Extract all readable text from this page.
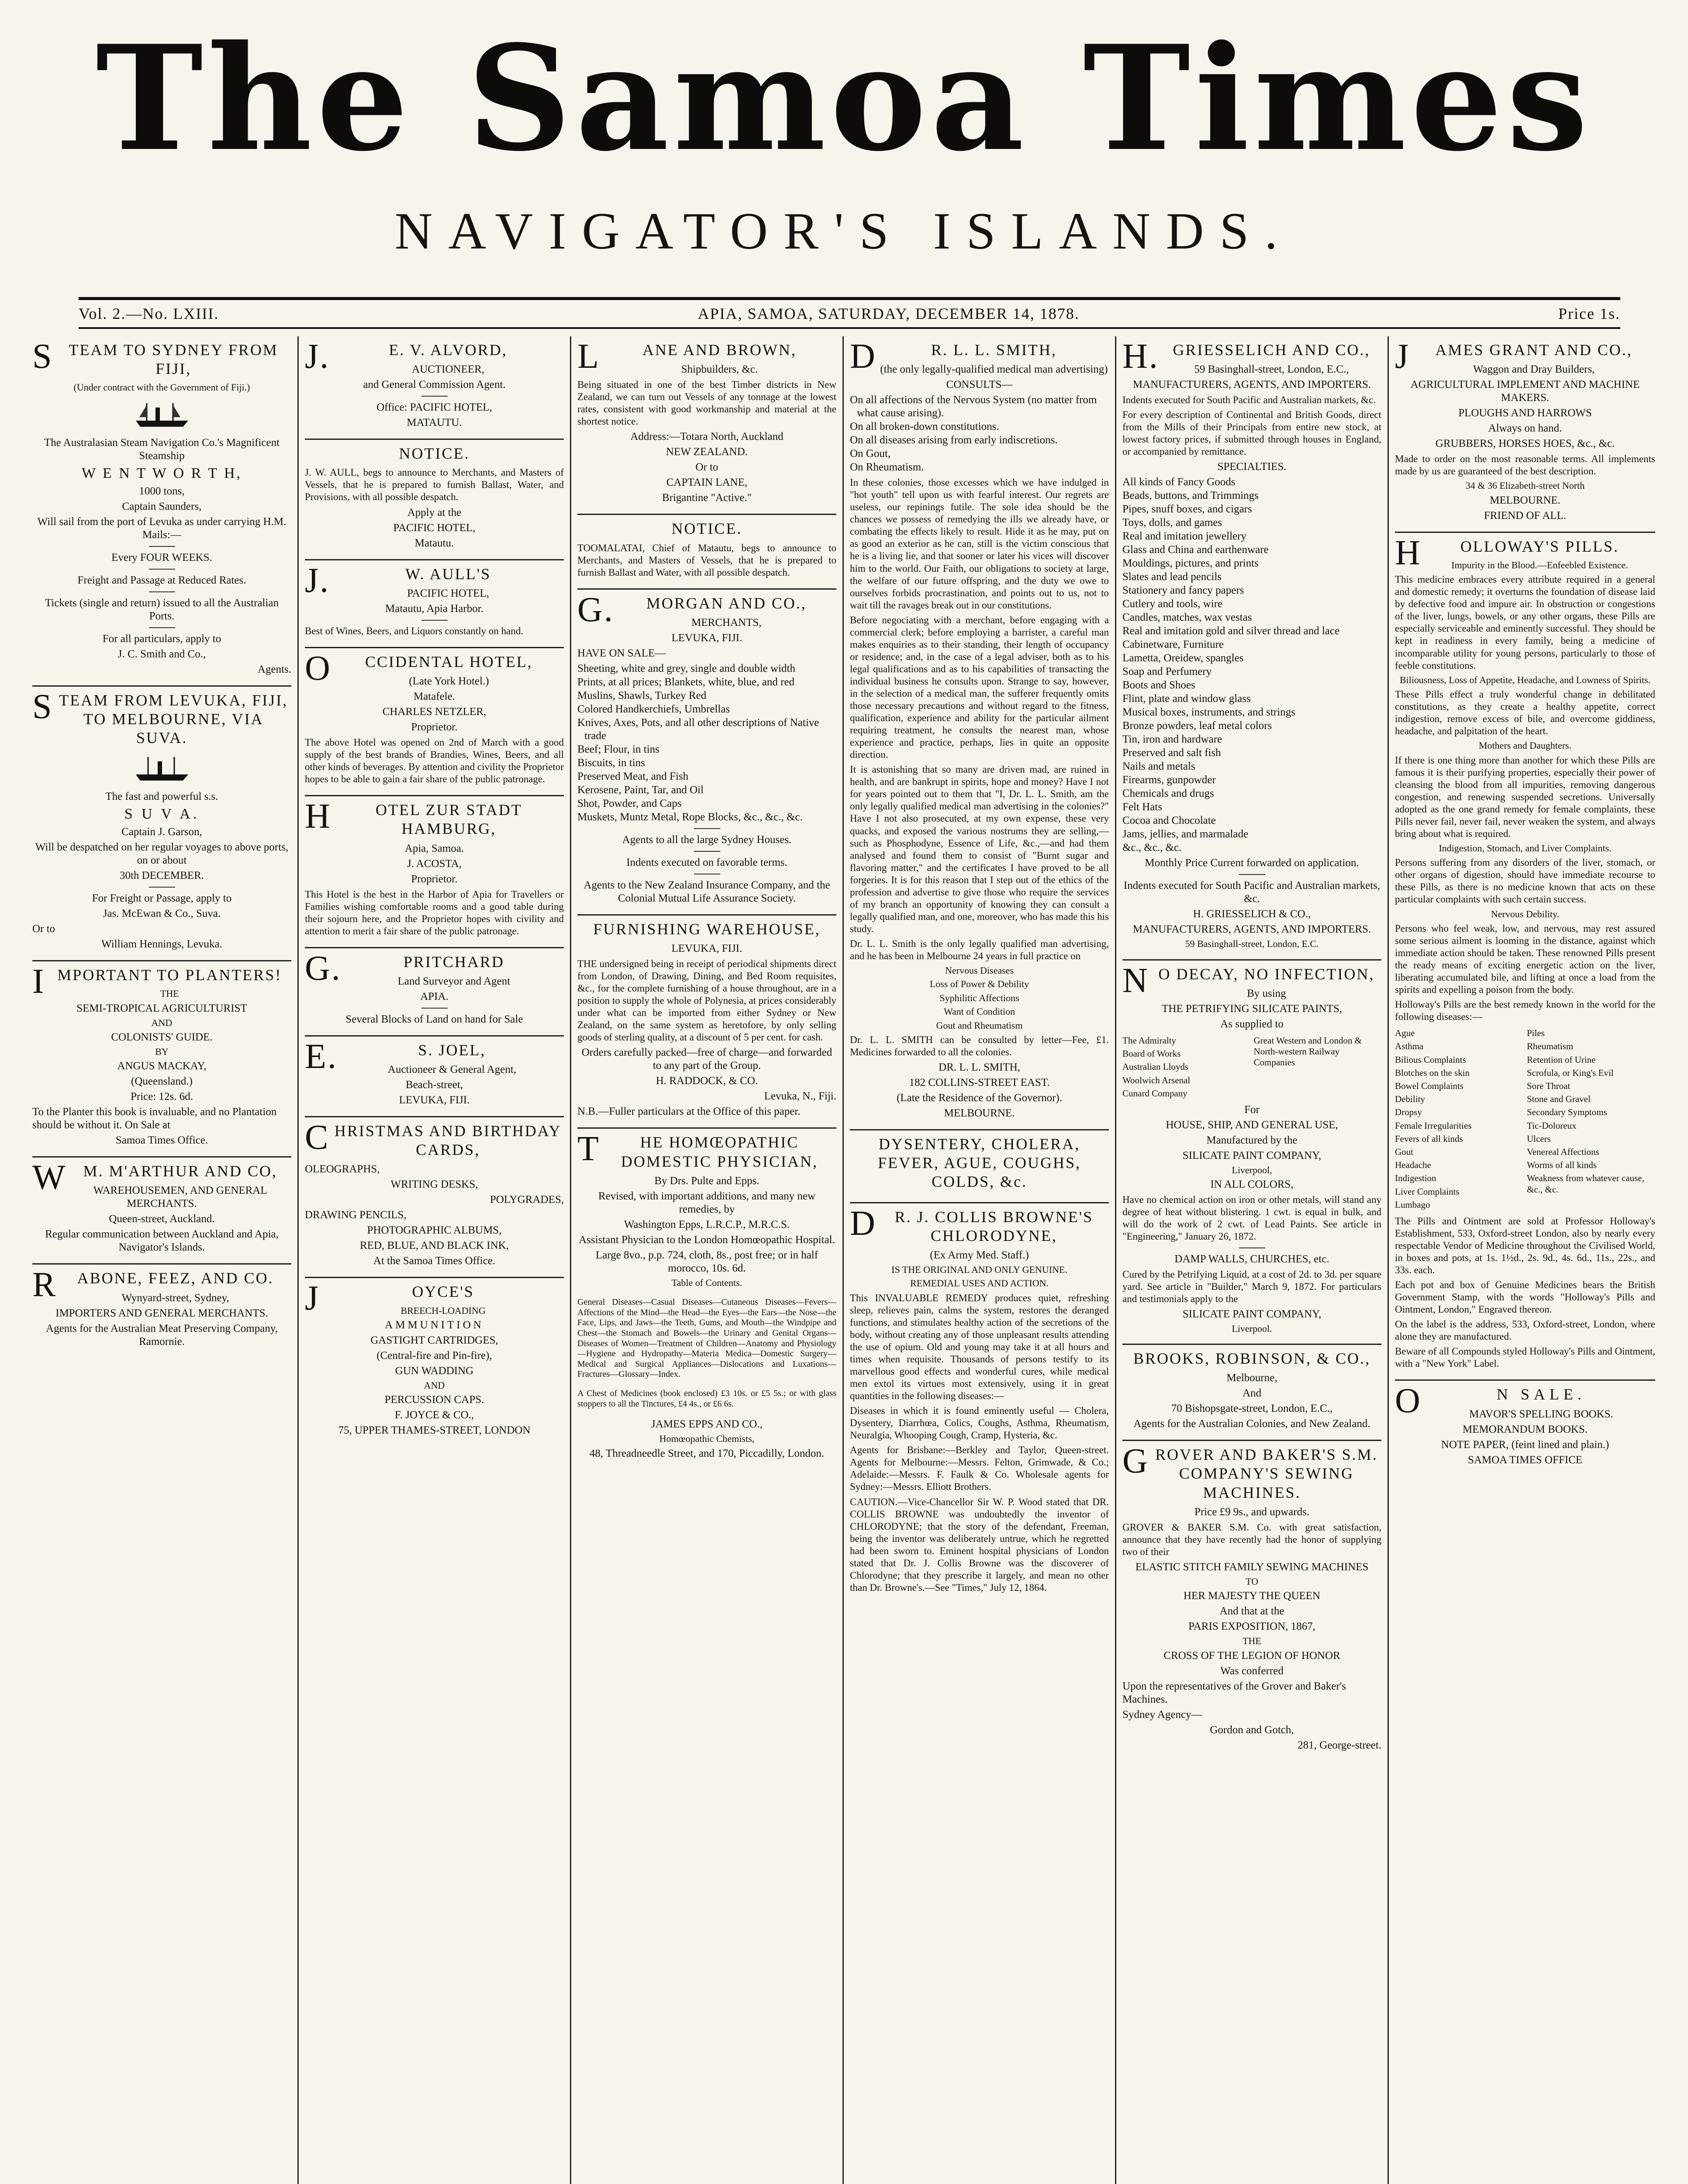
The Samoa Times
NAVIGATOR'S ISLANDS.
Vol. 2.—No. LXIII.	APIA, SAMOA, SATURDAY, DECEMBER 14, 1878.	Price 1s.
STEAM TO SYDNEY FROM FIJI,
(Under contract with the Government of Fiji.)
The Australasian Steam Navigation Co.'s Magnificent Steamship
W E N T W O R T H,
1000 tons,
Captain Saunders,
Will sail from the port of Levuka as under carrying H.M. Mails:—
Every FOUR WEEKS.
Freight and Passage at Reduced Rates.
Tickets (single and return) issued to all the Australian Ports.
For all particulars, apply to
J. C. Smith and Co.,
Agents.
STEAM FROM LEVUKA, FIJI, TO MELBOURNE, VIA SUVA.
The fast and powerful s.s.
S U V A.
Captain J. Garson,
Will be despatched on her regular voyages to above ports, on or about
30th DECEMBER.
For Freight or Passage, apply to
Jas. McEwan & Co., Suva.
Or to
William Hennings, Levuka.
IMPORTANT TO PLANTERS!
THE
SEMI-TROPICAL AGRICULTURIST
AND
COLONISTS' GUIDE.
BY
ANGUS MACKAY,
(Queensland.)
Price: 12s. 6d.
To the Planter this book is invaluable, and no Plantation should be without it. On Sale at
Samoa Times Office.
WM. M'ARTHUR AND CO,
WAREHOUSEMEN, AND GENERAL MERCHANTS.
Queen-street, Auckland.
Regular communication between Auckland and Apia, Navigator's Islands.
RABONE, FEEZ, AND CO.
Wynyard-street, Sydney,
IMPORTERS AND GENERAL MERCHANTS.
Agents for the Australian Meat Preserving Company, Ramornie.
J.E. V. ALVORD,
AUCTIONEER,
and General Commission Agent.
Office: PACIFIC HOTEL,
MATAUTU.
NOTICE.

J. W. AULL, begs to announce to Merchants, and Masters of Vessels, that he is prepared to furnish Ballast, Water, and Provisions, with all possible despatch.

Apply at the
PACIFIC HOTEL,
Matautu.
J.W. AULL'S
PACIFIC HOTEL,
Matautu, Apia Harbor.

Best of Wines, Beers, and Liquors constantly on hand.

OCCIDENTAL HOTEL,
(Late York Hotel.)
Matafele.
CHARLES NETZLER,
Proprietor.

The above Hotel was opened on 2nd of March with a good supply of the best brands of Brandies, Wines, Beers, and all other kinds of beverages. By attention and civility the Proprietor hopes to be able to gain a fair share of the public patronage.

HOTEL ZUR STADT HAMBURG,
Apia, Samoa.
J. ACOSTA,
Proprietor.

This Hotel is the best in the Harbor of Apia for Travellers or Families wishing comfortable rooms and a good table during their sojourn here, and the Proprietor hopes with civility and attention to merit a fair share of the public patronage.

G.PRITCHARD
Land Surveyor and Agent
APIA.
Several Blocks of Land on hand for Sale
E.S. JOEL,
Auctioneer & General Agent,
Beach-street,
LEVUKA, FIJI.
CHRISTMAS AND BIRTHDAY CARDS,
OLEOGRAPHS,
WRITING DESKS,
POLYGRADES,
DRAWING PENCILS,
PHOTOGRAPHIC ALBUMS,
RED, BLUE, AND BLACK INK,
At the Samoa Times Office.
JOYCE'S
BREECH-LOADING
AMMUNITION
GASTIGHT CARTRIDGES,
(Central-fire and Pin-fire),
GUN WADDING
AND
PERCUSSION CAPS.
F. JOYCE & CO.,
75, UPPER THAMES-STREET, LONDON
LANE AND BROWN,
Shipbuilders, &c.

Being situated in one of the best Timber districts in New Zealand, we can turn out Vessels of any tonnage at the lowest rates, consistent with good workmanship and material at the shortest notice.

Address:—Totara North, Auckland
NEW ZEALAND.
Or to
CAPTAIN LANE,
Brigantine "Active."
NOTICE.

TOOMALATAI, Chief of Matautu, begs to announce to Merchants, and Masters of Vessels, that he is prepared to furnish Ballast and Water, with all possible despatch.

G.MORGAN AND CO.,
MERCHANTS,
LEVUKA, FIJI.
HAVE ON SALE—
Sheeting, white and grey, single and double width
Prints, at all prices; Blankets, white, blue, and red
Muslins, Shawls, Turkey Red
Colored Handkerchiefs, Umbrellas
Knives, Axes, Pots, and all other descriptions of Native trade
Beef; Flour, in tins
Biscuits, in tins
Preserved Meat, and Fish
Kerosene, Paint, Tar, and Oil
Shot, Powder, and Caps
Muskets, Muntz Metal, Rope Blocks, &c., &c., &c.
Agents to all the large Sydney Houses.
Indents executed on favorable terms.
Agents to the New Zealand Insurance Company, and the Colonial Mutual Life Assurance Society.
FURNISHING WAREHOUSE,
LEVUKA, FIJI.

THE undersigned being in receipt of periodical shipments direct from London, of Drawing, Dining, and Bed Room requisites, &c., for the complete furnishing of a house throughout, are in a position to supply the whole of Polynesia, at prices considerably under what can be imported from either Sydney or New Zealand, on the same system as heretofore, by only selling goods of sterling quality, at a discount of 5 per cent. for cash.

Orders carefully packed—free of charge—and forwarded to any part of the Group.
H. RADDOCK, & CO.
Levuka, N., Fiji.
N.B.—Fuller particulars at the Office of this paper.
THE HOMŒOPATHIC DOMESTIC PHYSICIAN,
By Drs. Pulte and Epps.
Revised, with important additions, and many new remedies, by
Washington Epps, L.R.C.P., M.R.C.S.
Assistant Physician to the London Homœopathic Hospital.
Large 8vo., p.p. 724, cloth, 8s., post free; or in half morocco, 10s. 6d.
Table of Contents.

General Diseases—Casual Diseases—Cutaneous Diseases—Fevers—Affections of the Mind—the Head—the Eyes—the Ears—the Nose—the Face, Lips, and Jaws—the Teeth, Gums, and Mouth—the Windpipe and Chest—the Stomach and Bowels—the Urinary and Genital Organs—Diseases of Women—Treatment of Children—Anatomy and Physiology—Hygiene and Hydropathy—Materia Medica—Domestic Surgery—Medical and Surgical Appliances—Dislocations and Luxations—Fractures—Glossary—Index.

A Chest of Medicines (book enclosed) £3 10s. or £5 5s.; or with glass stoppers to all the Tinctures, £4 4s., or £6 6s.

JAMES EPPS AND CO.,
Homœopathic Chemists,
48, Threadneedle Street, and 170, Piccadilly, London.
DR. L. L. SMITH,
(the only legally-qualified medical man advertising)
CONSULTS—
On all affections of the Nervous System (no matter from what cause arising).
On all broken-down constitutions.
On all diseases arising from early indiscretions.
On Gout,
On Rheumatism.

In these colonies, those excesses which we have indulged in "hot youth" tell upon us with fearful interest. Our regrets are useless, our repinings futile. The sole idea should be the chances we possess of remedying the ills we already have, or combating the effects likely to result. Hide it as he may, put on as good an exterior as he can, still is the victim conscious that he is a living lie, and that sooner or later his vices will discover him to the world. Our Faith, our obligations to society at large, the welfare of our future offspring, and the duty we owe to ourselves forbids procrastination, and points out to us, not to wait till the ravages break out in our constitutions.

Before negociating with a merchant, before engaging with a commercial clerk; before employing a barrister, a careful man makes enquiries as to their standing, their length of occupancy or residence; and, in the case of a legal adviser, both as to his legal qualifications and as to his capabilities of transacting the individual business he consults upon. Strange to say, however, in the selection of a medical man, the sufferer frequently omits those necessary precautions and without regard to the fitness, qualification, experience and ability for the particular ailment requiring treatment, he consults the nearest man, whose experience and practice, perhaps, lies in quite an opposite direction.

It is astonishing that so many are driven mad, are ruined in health, and are bankrupt in spirits, hope and money? Have I not for years pointed out to them that "I, Dr. L. L. Smith, am the only legally qualified medical man advertising in the colonies?" Have I not also prosecuted, at my own expense, these very quacks, and exposed the various nostrums they are selling,—such as Phosphodyne, Essence of Life, &c.,—and had them analysed and found them to consist of "Burnt sugar and flavoring matter," and the certificates I have proved to be all forgeries. It is for this reason that I step out of the ethics of the profession and advertise to give those who require the services of my branch an opportunity of knowing they can consult a legally qualified man, and one, moreover, who has made this his study.

Dr. L. L. Smith is the only legally qualified man advertising, and he has been in Melbourne 24 years in full practice on

Nervous Diseases
Loss of Power & Debility
Syphilitic Affections
Want of Condition
Gout and Rheumatism

Dr. L. L. SMITH can be consulted by letter—Fee, £1. Medicines forwarded to all the colonies.

DR. L. L. SMITH,
182 COLLINS-STREET EAST.
(Late the Residence of the Governor).
MELBOURNE.
DYSENTERY, CHOLERA, FEVER, AGUE, COUGHS, COLDS, &c.
DR. J. COLLIS BROWNE'S CHLORODYNE,
(Ex Army Med. Staff.)
IS THE ORIGINAL AND ONLY GENUINE.
REMEDIAL USES AND ACTION.

This INVALUABLE REMEDY produces quiet, refreshing sleep, relieves pain, calms the system, restores the deranged functions, and stimulates healthy action of the secretions of the body, without creating any of those unpleasant results attending the use of opium. Old and young may take it at all hours and times when requisite. Thousands of persons testify to its marvellous good effects and wonderful cures, while medical men extol its virtues most extensively, using it in great quantities in the following diseases:—

Diseases in which it is found eminently useful — Cholera, Dysentery, Diarrhœa, Colics, Coughs, Asthma, Rheumatism, Neuralgia, Whooping Cough, Cramp, Hysteria, &c.

Agents for Brisbane:—Berkley and Taylor, Queen-street. Agents for Melbourne:—Messrs. Felton, Grimwade, & Co.; Adelaide:—Messrs. F. Faulk & Co. Wholesale agents for Sydney:—Messrs. Elliott Brothers.

CAUTION.—Vice-Chancellor Sir W. P. Wood stated that DR. COLLIS BROWNE was undoubtedly the inventor of CHLORODYNE; that the story of the defendant, Freeman, being the inventor was deliberately untrue, which he regretted had been sworn to. Eminent hospital physicians of London stated that Dr. J. Collis Browne was the discoverer of Chlorodyne; that they prescribe it largely, and mean no other than Dr. Browne's.—See "Times," July 12, 1864.

H.GRIESSELICH AND CO.,
59 Basinghall-street, London, E.C.,
MANUFACTURERS, AGENTS, AND IMPORTERS.

Indents executed for South Pacific and Australian markets, &c.

For every description of Continental and British Goods, direct from the Mills of their Principals from entire new stock, at lowest factory prices, if submitted through houses in England, or accompanied by remittance.

SPECIALTIES.
All kinds of Fancy Goods
Beads, buttons, and Trimmings
Pipes, snuff boxes, and cigars
Toys, dolls, and games
Real and imitation jewellery
Glass and China and earthenware
Mouldings, pictures, and prints
Slates and lead pencils
Stationery and fancy papers
Cutlery and tools, wire
Candles, matches, wax vestas
Real and imitation gold and silver thread and lace
Cabinetware, Furniture
Lametta, Oreidew, spangles
Soap and Perfumery
Boots and Shoes
Flint, plate and window glass
Musical boxes, instruments, and strings
Bronze powders, leaf metal colors
Tin, iron and hardware
Preserved and salt fish
Nails and metals
Firearms, gunpowder
Chemicals and drugs
Felt Hats
Cocoa and Chocolate
Jams, jellies, and marmalade
&c., &c., &c.
Monthly Price Current forwarded on application.
Indents executed for South Pacific and Australian markets, &c.
H. GRIESSELICH & CO.,
MANUFACTURERS, AGENTS, AND IMPORTERS.
59 Basinghall-street, London, E.C.
NO DECAY, NO INFECTION,
By using
THE PETRIFYING SILICATE PAINTS,
As supplied to
The Admiralty
Board of Works
Australian Lloyds
Woolwich Arsenal
Cunard Company
Great Western and London & North-western Railway Companies
For
HOUSE, SHIP, AND GENERAL USE,
Manufactured by the
SILICATE PAINT COMPANY,
Liverpool,
IN ALL COLORS,

Have no chemical action on iron or other metals, will stand any degree of heat without blistering. 1 cwt. is equal in bulk, and will do the work of 2 cwt. of Lead Paints. See article in "Engineering," January 26, 1872.

DAMP WALLS, CHURCHES, etc.

Cured by the Petrifying Liquid, at a cost of 2d. to 3d. per square yard. See article in "Builder," March 9, 1872. For particulars and testimonials apply to the

SILICATE PAINT COMPANY,
Liverpool.
BROOKS, ROBINSON, & CO.,
Melbourne,
And
70 Bishopsgate-street, London, E.C.,
Agents for the Australian Colonies, and New Zealand.
GROVER AND BAKER'S S.M. COMPANY'S SEWING MACHINES.
Price £9 9s., and upwards.

GROVER & BAKER S.M. Co. with great satisfaction, announce that they have recently had the honor of supplying two of their

ELASTIC STITCH FAMILY SEWING MACHINES
TO
HER MAJESTY THE QUEEN
And that at the
PARIS EXPOSITION, 1867,
THE
CROSS OF THE LEGION OF HONOR
Was conferred
Upon the representatives of the Grover and Baker's Machines.
Sydney Agency—
Gordon and Gotch,
281, George-street.
JAMES GRANT AND CO.,
Waggon and Dray Builders,
AGRICULTURAL IMPLEMENT AND MACHINE MAKERS.
PLOUGHS AND HARROWS
Always on hand.
GRUBBERS, HORSES HOES, &c., &c.

Made to order on the most reasonable terms. All implements made by us are guaranteed of the best description.

34 & 36 Elizabeth-street North
MELBOURNE.
FRIEND OF ALL.
HOLLOWAY'S PILLS.
Impurity in the Blood.—Enfeebled Existence.

This medicine embraces every attribute required in a general and domestic remedy; it overturns the foundation of disease laid by defective food and impure air. In obstruction or congestions of the liver, lungs, bowels, or any other organs, these Pills are especially serviceable and eminently successful. They should be kept in readiness in every family, being a medicine of incomparable utility for young persons, particularly to those of feeble constitutions.

Biliousness, Loss of Appetite, Headache, and Lowness of Spirits.

These Pills effect a truly wonderful change in debilitated constitutions, as they create a healthy appetite, correct indigestion, remove excess of bile, and overcome giddiness, headache, and palpitation of the heart.

Mothers and Daughters.

If there is one thing more than another for which these Pills are famous it is their purifying properties, especially their power of cleansing the blood from all impurities, removing dangerous congestion, and renewing suspended secretions. Universally adopted as the one grand remedy for female complaints, these Pills never fail, never fail, never weaken the system, and always bring about what is required.

Indigestion, Stomach, and Liver Complaints.

Persons suffering from any disorders of the liver, stomach, or other organs of digestion, should have immediate recourse to these Pills, as there is no medicine known that acts on these particular complaints with such certain success.

Nervous Debility.

Persons who feel weak, low, and nervous, may rest assured some serious ailment is looming in the distance, against which immediate action should be taken. These renowned Pills present the ready means of exciting energetic action on the liver, liberating accumulated bile, and lifting at once a load from the spirits and expelling a poison from the body.

Holloway's Pills are the best remedy known in the world for the following diseases:—

Ague
Asthma
Bilious Complaints
Blotches on the skin
Bowel Complaints
Debility
Dropsy
Female Irregularities
Fevers of all kinds
Gout
Headache
Indigestion
Liver Complaints
Lumbago
Piles
Rheumatism
Retention of Urine
Scrofula, or King's Evil
Sore Throat
Stone and Gravel
Secondary Symptoms
Tic-Doloreux
Ulcers
Venereal Affections
Worms of all kinds
Weakness from whatever cause, &c., &c.

The Pills and Ointment are sold at Professor Holloway's Establishment, 533, Oxford-street London, also by nearly every respectable Vendor of Medicine throughout the Civilised World, in boxes and pots, at 1s. 1½d., 2s. 9d., 4s. 6d., 11s., 22s., and 33s. each.

Each pot and box of Genuine Medicines bears the British Government Stamp, with the words "Holloway's Pills and Ointment, London," Engraved thereon.

On the label is the address, 533, Oxford-street, London, where alone they are manufactured.

Beware of all Compounds styled Holloway's Pills and Ointment, with a "New York" Label.

ON SALE.
MAVOR'S SPELLING BOOKS.
MEMORANDUM BOOKS.
NOTE PAPER, (feint lined and plain.)
SAMOA TIMES OFFICE
